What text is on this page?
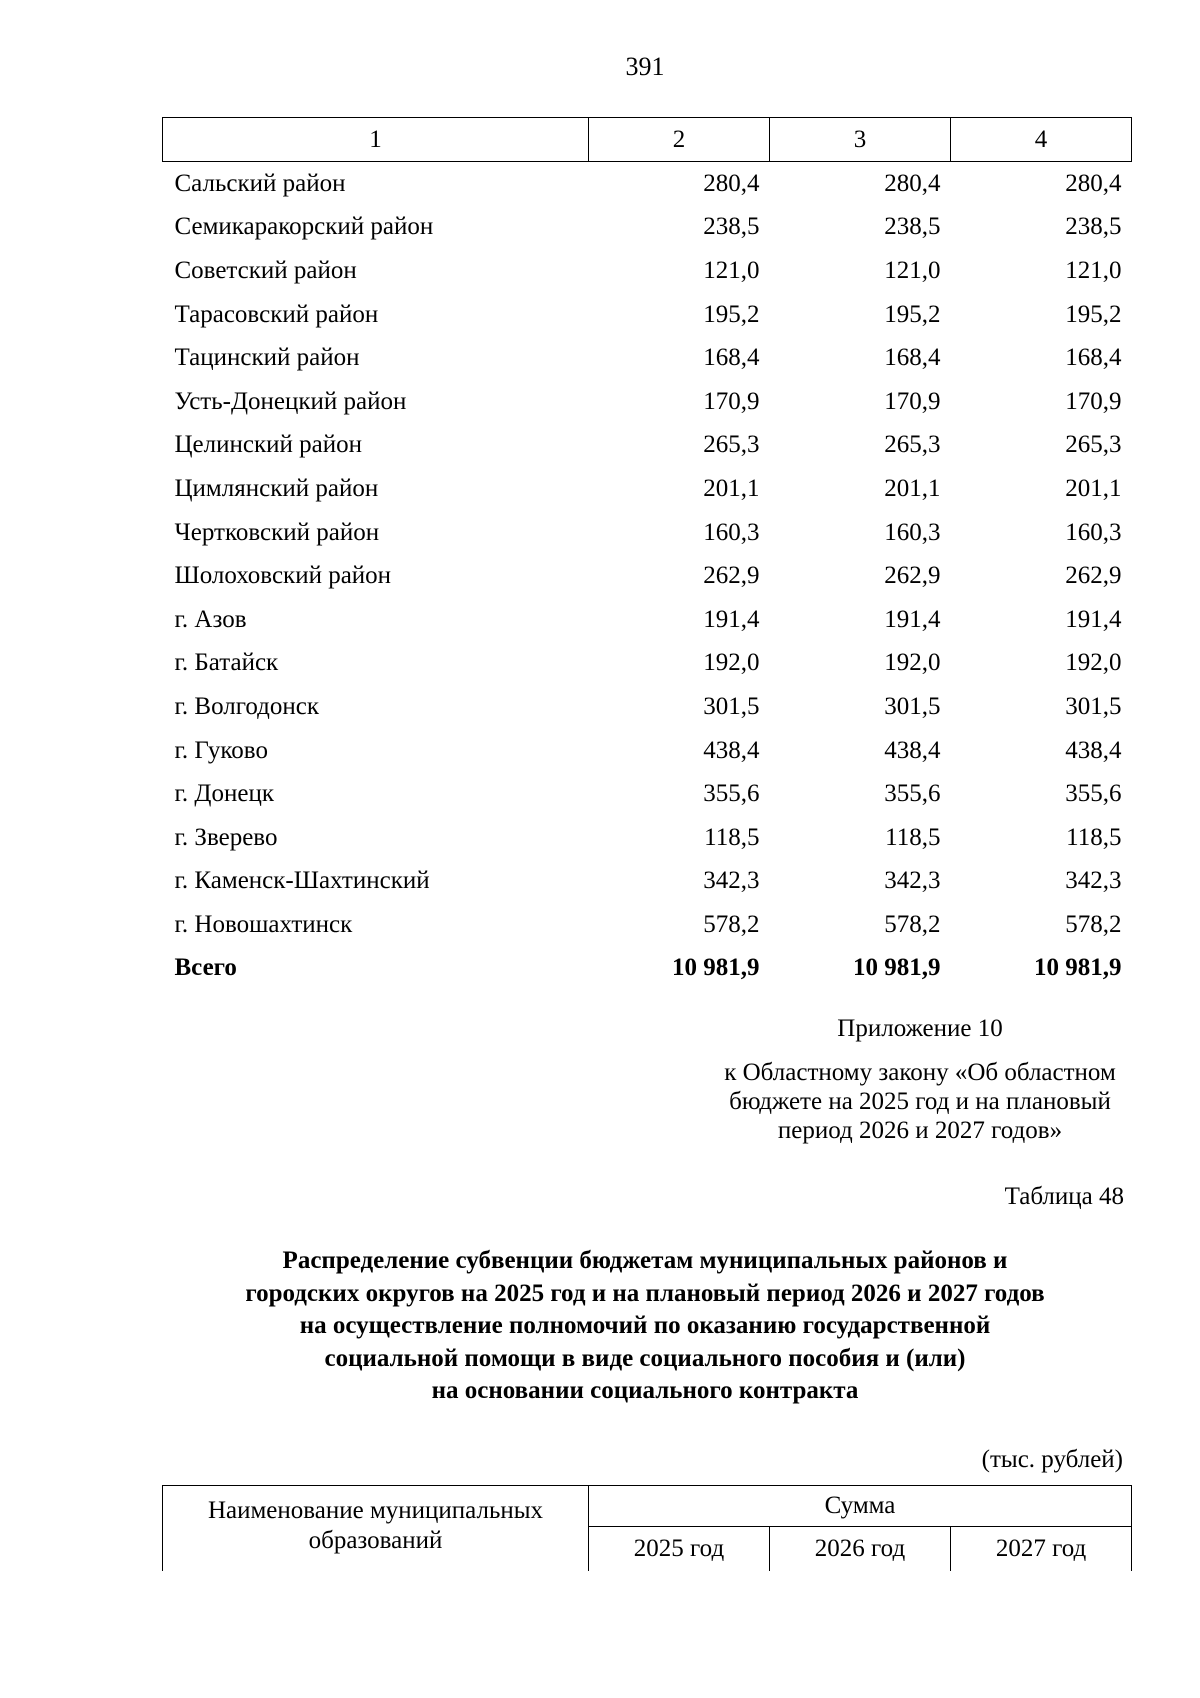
391
1	2	3	4
Сальский район	280,4	280,4	280,4
Семикаракорский район	238,5	238,5	238,5
Советский район	121,0	121,0	121,0
Тарасовский район	195,2	195,2	195,2
Тацинский район	168,4	168,4	168,4
Усть-Донецкий район	170,9	170,9	170,9
Целинский район	265,3	265,3	265,3
Цимлянский район	201,1	201,1	201,1
Чертковский район	160,3	160,3	160,3
Шолоховский район	262,9	262,9	262,9
г. Азов	191,4	191,4	191,4
г. Батайск	192,0	192,0	192,0
г. Волгодонск	301,5	301,5	301,5
г. Гуково	438,4	438,4	438,4
г. Донецк	355,6	355,6	355,6
г. Зверево	118,5	118,5	118,5
г. Каменск-Шахтинский	342,3	342,3	342,3
г. Новошахтинск	578,2	578,2	578,2
Всего	10 981,9	10 981,9	10 981,9
Приложение 10
к Областному закону «Об областном
бюджете на 2025 год и на плановый
период 2026 и 2027 годов»
Таблица 48
Распределение субвенции бюджетам муниципальных районов и
городских округов на 2025 год и на плановый период 2026 и 2027 годов
на осуществление полномочий по оказанию государственной
социальной помощи в виде социального пособия и (или)
на основании социального контракта
(тыс. рублей)
Наименование муниципальных
образований	Сумма		
	2025 год	2026 год	2027 год
